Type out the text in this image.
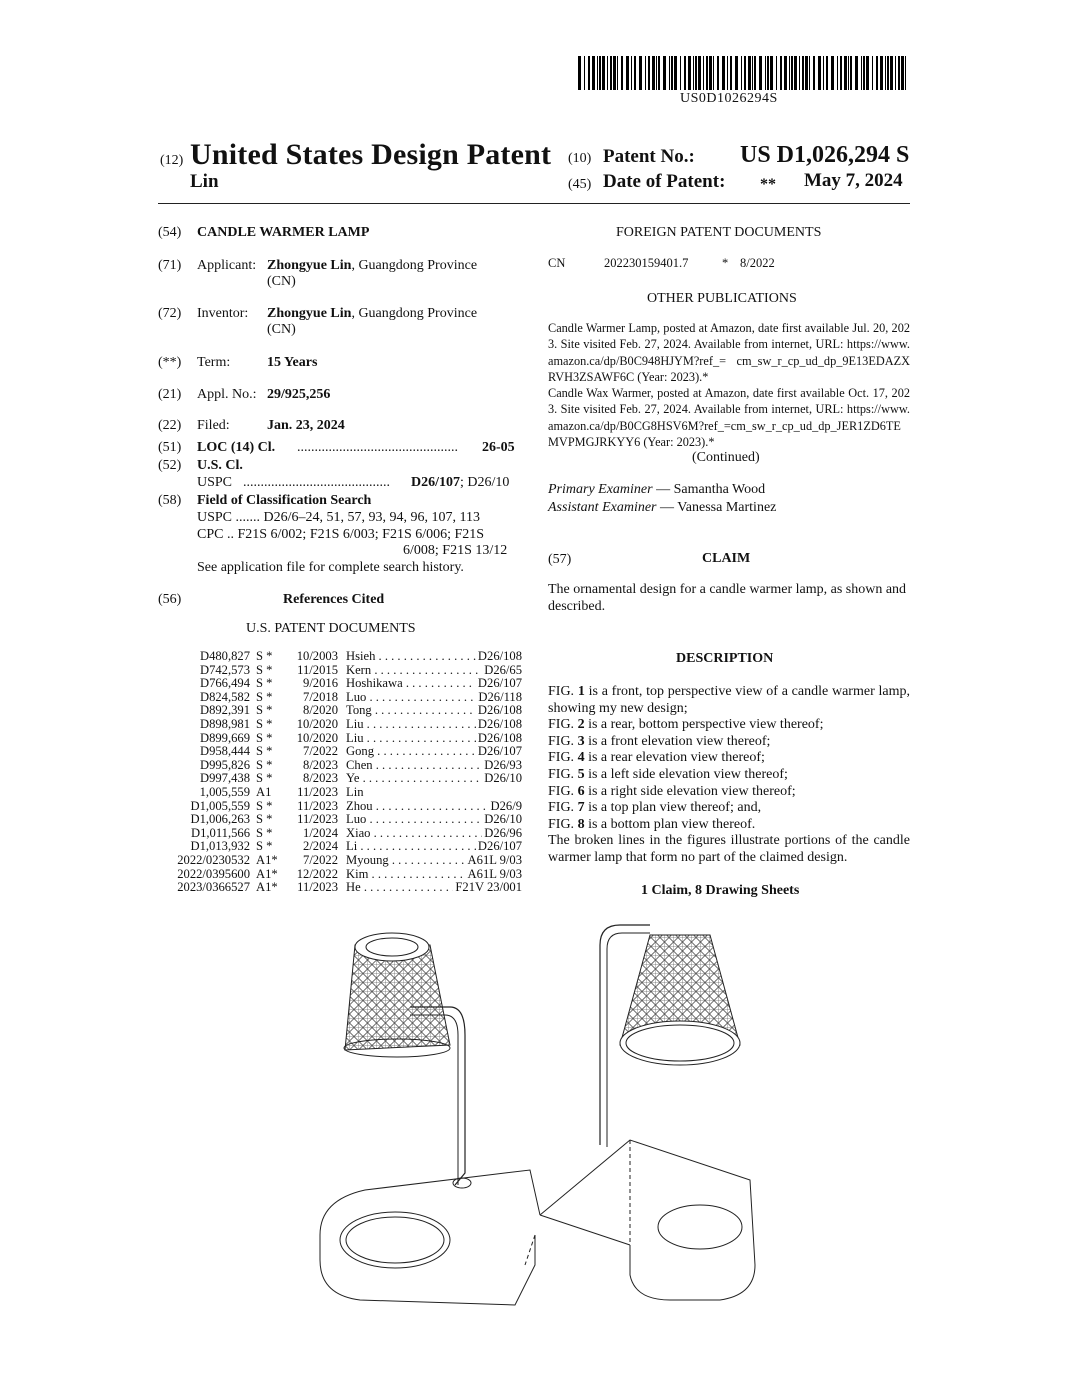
US0D1026294S
(12) United States Design Patent
Lin
(10) Patent No.: US D1,026,294 S
(45) Date of Patent: ** May 7, 2024
(54) CANDLE WARMER LAMP
(71) Applicant: Zhongyue Lin, Guangdong Province
(CN)
(72) Inventor: Zhongyue Lin, Guangdong Province
(CN)
(**) Term:	15 Years
(21) Appl. No.: 29/925,256
(22) Filed:	Jan. 23, 2024
(51) LOC (14) Cl. .............................................. 26-05
(52) U.S. Cl.
USPC .......................................... D26/107; D26/10
(58) Field of Classification Search
USPC ....... D26/6–24, 51, 57, 93, 94, 96, 107, 113
CPC .. F21S 6/002; F21S 6/003; F21S 6/006; F21S
6/008; F21S 13/12
See application file for complete search history.
(56)	References Cited
U.S. PATENT DOCUMENTS
D480,827 S *	10/2003 Hsieh . . .	D26/108
D742,573 S *	11/2015 Kern . . .	D26/65
D766,494 S *	9/2016 Hoshikawa . . .	D26/107
D824,582 S *	7/2018 Luo . . .	D26/118
D892,391 S *	8/2020 Tong . . .	D26/108
D898,981 S *	10/2020 Liu . . .	D26/108
D899,669 S *	10/2020 Liu . . .	D26/108
D958,444 S *	7/2022 Gong . . .	D26/107
D995,826 S *	8/2023 Chen . . .	D26/93
D997,438 S *	8/2023 Ye . . .	D26/10
1,005,559 A1	11/2023 Lin
D1,005,559 S *	11/2023 Zhou . . .	D26/9
D1,006,263 S *	11/2023 Luo . . .	D26/10
D1,011,566 S *	1/2024 Xiao . . .	D26/96
D1,013,932 S *	2/2024 Li . . .	D26/107
2022/0230532 A1*	7/2022 Myoung . . .	A61L 9/03
2022/0395600 A1*	12/2022 Kim . . .	A61L 9/03
2023/0366527 A1*	11/2023 He . . .	F21V 23/001
FOREIGN PATENT DOCUMENTS
CN	202230159401.7	* 8/2022
OTHER PUBLICATIONS
Candle Warmer Lamp, posted at Amazon, date first available Jul. 20, 2023. Site visited Feb. 27, 2024. Available from internet, URL: https://www.amazon.ca/dp/B0C948HJYM?ref_= cm_sw_r_cp_ud_dp_9E13EDAZXRVH3ZSAWF6C (Year: 2023).*
Candle Wax Warmer, posted at Amazon, date first available Oct. 17, 2023. Site visited Feb. 27, 2024. Available from internet, URL: https://www.amazon.ca/dp/B0CG8HSV6M?ref_=cm_sw_r_cp_ud_dp_JER1ZD6TEMVPMGJRKYY6 (Year: 2023).*
(Continued)
Primary Examiner — Samantha Wood
Assistant Examiner — Vanessa Martinez
(57)	CLAIM
The ornamental design for a candle warmer lamp, as shown and described.
DESCRIPTION
FIG. 1 is a front, top perspective view of a candle warmer lamp, showing my new design;
FIG. 2 is a rear, bottom perspective view thereof;
FIG. 3 is a front elevation view thereof;
FIG. 4 is a rear elevation view thereof;
FIG. 5 is a left side elevation view thereof;
FIG. 6 is a right side elevation view thereof;
FIG. 7 is a top plan view thereof; and,
FIG. 8 is a bottom plan view thereof.
The broken lines in the figures illustrate portions of the candle warmer lamp that form no part of the claimed design.
1 Claim, 8 Drawing Sheets
